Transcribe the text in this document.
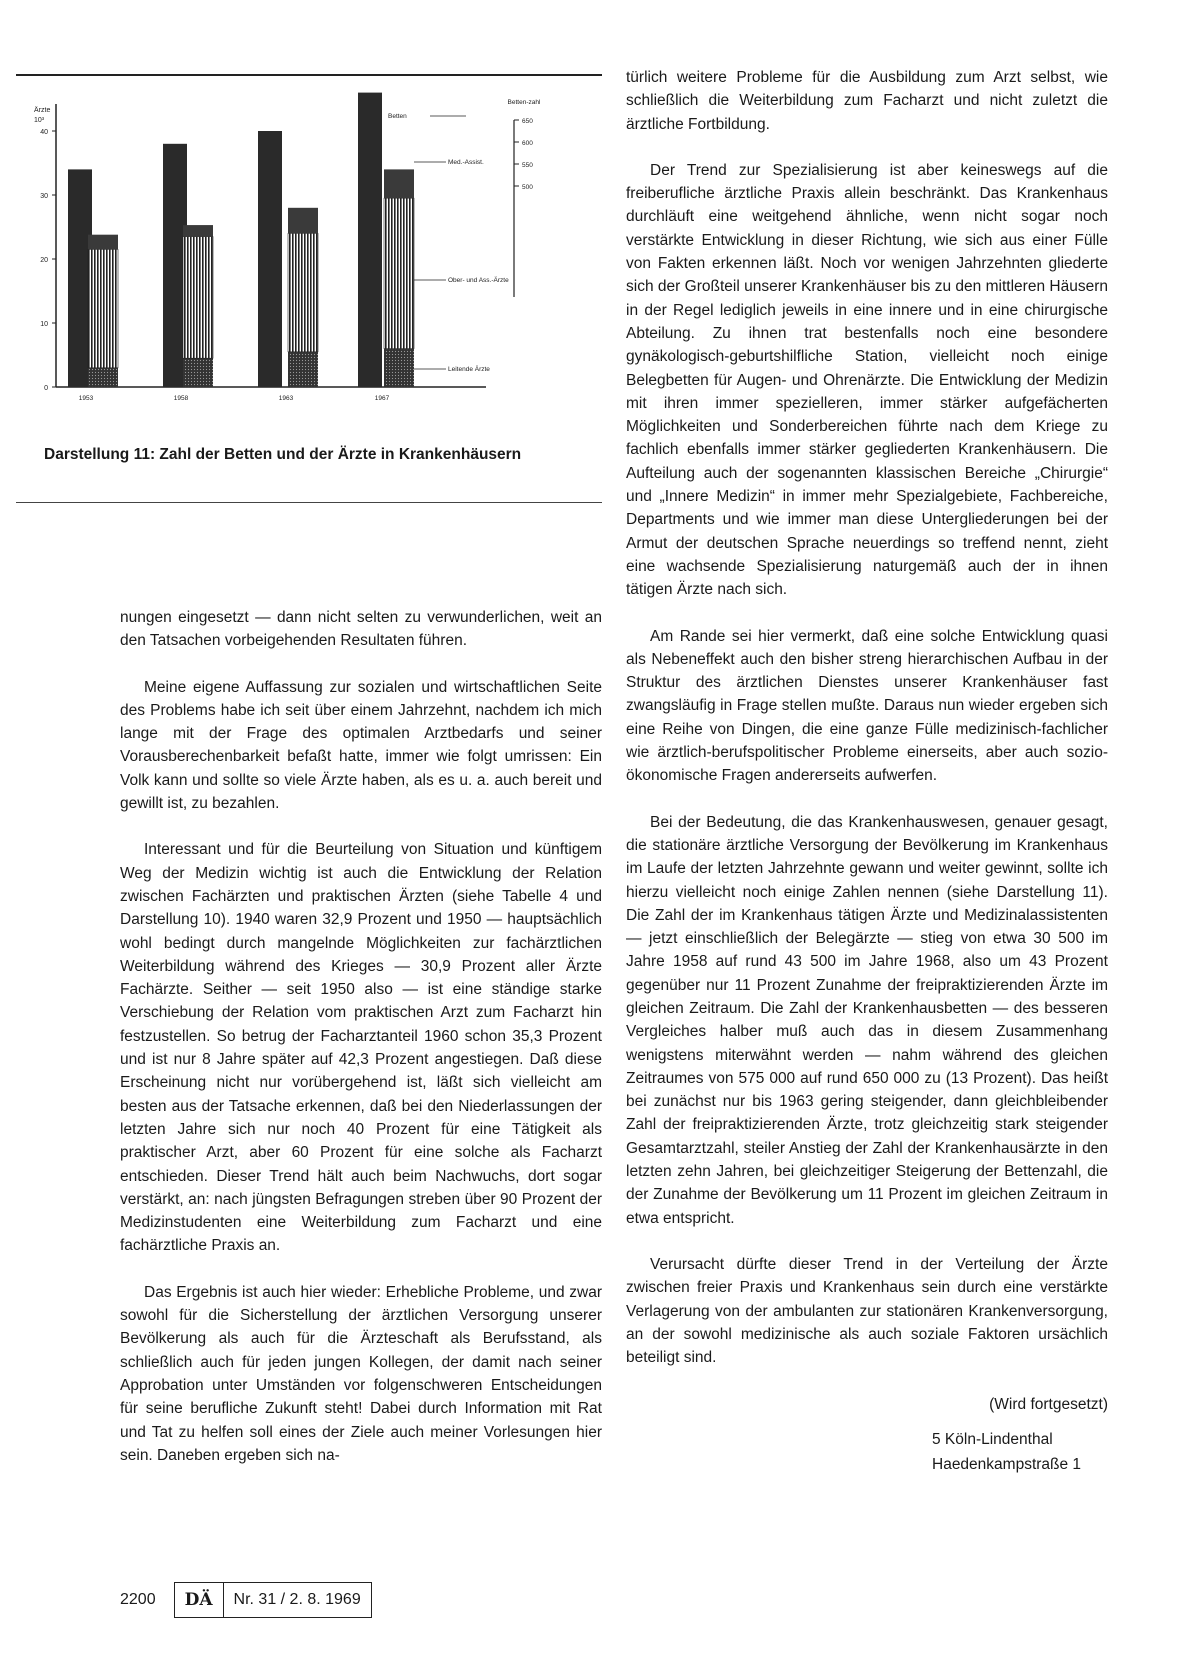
Ärzte
10³
0
10
20
30
40
Betten-zahl
650
600
550
500
1953	1958	1963	1967
Betten
Med.-Assist.
Ober- und Ass.-Ärzte
Leitende Ärzte
Darstellung 11: Zahl der Betten und der Ärzte in Krankenhäusern

nungen eingesetzt — dann nicht selten zu verwunderlichen, weit an den Tatsachen vorbeigehenden Resultaten führen.

Meine eigene Auffassung zur sozialen und wirtschaftlichen Seite des Problems habe ich seit über einem Jahrzehnt, nachdem ich mich lange mit der Frage des optimalen Arztbedarfs und seiner Vorausberechenbarkeit befaßt hatte, immer wie folgt umrissen: Ein Volk kann und sollte so viele Ärzte haben, als es u. a. auch bereit und gewillt ist, zu bezahlen.

Interessant und für die Beurteilung von Situation und künftigem Weg der Medizin wichtig ist auch die Entwicklung der Relation zwischen Fachärzten und praktischen Ärzten (siehe Tabelle 4 und Darstellung 10). 1940 waren 32,9 Prozent und 1950 — hauptsächlich wohl bedingt durch mangelnde Möglichkeiten zur fachärztlichen Weiterbildung während des Krieges — 30,9 Prozent aller Ärzte Fachärzte. Seither — seit 1950 also — ist eine ständige starke Verschiebung der Relation vom praktischen Arzt zum Facharzt hin festzustellen. So betrug der Facharztanteil 1960 schon 35,3 Prozent und ist nur 8 Jahre später auf 42,3 Prozent angestiegen. Daß diese Erscheinung nicht nur vorübergehend ist, läßt sich vielleicht am besten aus der Tatsache erkennen, daß bei den Niederlassungen der letzten Jahre sich nur noch 40 Prozent für eine Tätigkeit als praktischer Arzt, aber 60 Prozent für eine solche als Facharzt entschieden. Dieser Trend hält auch beim Nachwuchs, dort sogar verstärkt, an: nach jüngsten Befragungen streben über 90 Prozent der Medizinstudenten eine Weiterbildung zum Facharzt und eine fachärztliche Praxis an.

Das Ergebnis ist auch hier wieder: Erhebliche Probleme, und zwar sowohl für die Sicherstellung der ärztlichen Versorgung unserer Bevölkerung als auch für die Ärzteschaft als Berufsstand, als schließlich auch für jeden jungen Kollegen, der damit nach seiner Approbation unter Umständen vor folgenschweren Entscheidungen für seine berufliche Zukunft steht! Dabei durch Information mit Rat und Tat zu helfen soll eines der Ziele auch meiner Vorlesungen hier sein. Daneben ergeben sich na-

türlich weitere Probleme für die Ausbildung zum Arzt selbst, wie schließlich die Weiterbildung zum Facharzt und nicht zuletzt die ärztliche Fortbildung.

Der Trend zur Spezialisierung ist aber keineswegs auf die freiberufliche ärztliche Praxis allein beschränkt. Das Krankenhaus durchläuft eine weitgehend ähnliche, wenn nicht sogar noch verstärkte Entwicklung in dieser Richtung, wie sich aus einer Fülle von Fakten erkennen läßt. Noch vor wenigen Jahrzehnten gliederte sich der Großteil unserer Krankenhäuser bis zu den mittleren Häusern in der Regel lediglich jeweils in eine innere und in eine chirurgische Abteilung. Zu ihnen trat bestenfalls noch eine besondere gynäkologisch-geburtshilfliche Station, vielleicht noch einige Belegbetten für Augen- und Ohrenärzte. Die Entwicklung der Medizin mit ihren immer spezielleren, immer stärker aufgefächerten Möglichkeiten und Sonderbereichen führte nach dem Kriege zu fachlich ebenfalls immer stärker gegliederten Krankenhäusern. Die Aufteilung auch der sogenannten klassischen Bereiche „Chirurgie“ und „Innere Medizin“ in immer mehr Spezialgebiete, Fachbereiche, Departments und wie immer man diese Untergliederungen bei der Armut der deutschen Sprache neuerdings so treffend nennt, zieht eine wachsende Spezialisierung naturgemäß auch der in ihnen tätigen Ärzte nach sich.

Am Rande sei hier vermerkt, daß eine solche Entwicklung quasi als Nebeneffekt auch den bisher streng hierarchischen Aufbau in der Struktur des ärztlichen Dienstes unserer Krankenhäuser fast zwangsläufig in Frage stellen mußte. Daraus nun wieder ergeben sich eine Reihe von Dingen, die eine ganze Fülle medizinisch-fachlicher wie ärztlich-berufspolitischer Probleme einerseits, aber auch sozio-ökonomische Fragen andererseits aufwerfen.

Bei der Bedeutung, die das Krankenhauswesen, genauer gesagt, die stationäre ärztliche Versorgung der Bevölkerung im Krankenhaus im Laufe der letzten Jahrzehnte gewann und weiter gewinnt, sollte ich hierzu vielleicht noch einige Zahlen nennen (siehe Darstellung 11). Die Zahl der im Krankenhaus tätigen Ärzte und Medizinalassistenten — jetzt einschließlich der Belegärzte — stieg von etwa 30 500 im Jahre 1958 auf rund 43 500 im Jahre 1968, also um 43 Prozent gegenüber nur 11 Prozent Zunahme der freipraktizierenden Ärzte im gleichen Zeitraum. Die Zahl der Krankenhausbetten — des besseren Vergleiches halber muß auch das in diesem Zusammenhang wenigstens miterwähnt werden — nahm während des gleichen Zeitraumes von 575 000 auf rund 650 000 zu (13 Prozent). Das heißt bei zunächst nur bis 1963 gering steigender, dann gleichbleibender Zahl der freipraktizierenden Ärzte, trotz gleichzeitig stark steigender Gesamtarztzahl, steiler Anstieg der Zahl der Krankenhausärzte in den letzten zehn Jahren, bei gleichzeitiger Steigerung der Bettenzahl, die der Zunahme der Bevölkerung um 11 Prozent im gleichen Zeitraum in etwa entspricht.

Verursacht dürfte dieser Trend in der Verteilung der Ärzte zwischen freier Praxis und Krankenhaus sein durch eine verstärkte Verlagerung von der ambulanten zur stationären Krankenversorgung, an der sowohl medizinische als auch soziale Faktoren ursächlich beteiligt sind.

(Wird fortgesetzt)
5 Köln-Lindenthal
Haedenkampstraße 1
2200	DÄ	Nr. 31 / 2. 8. 1969
